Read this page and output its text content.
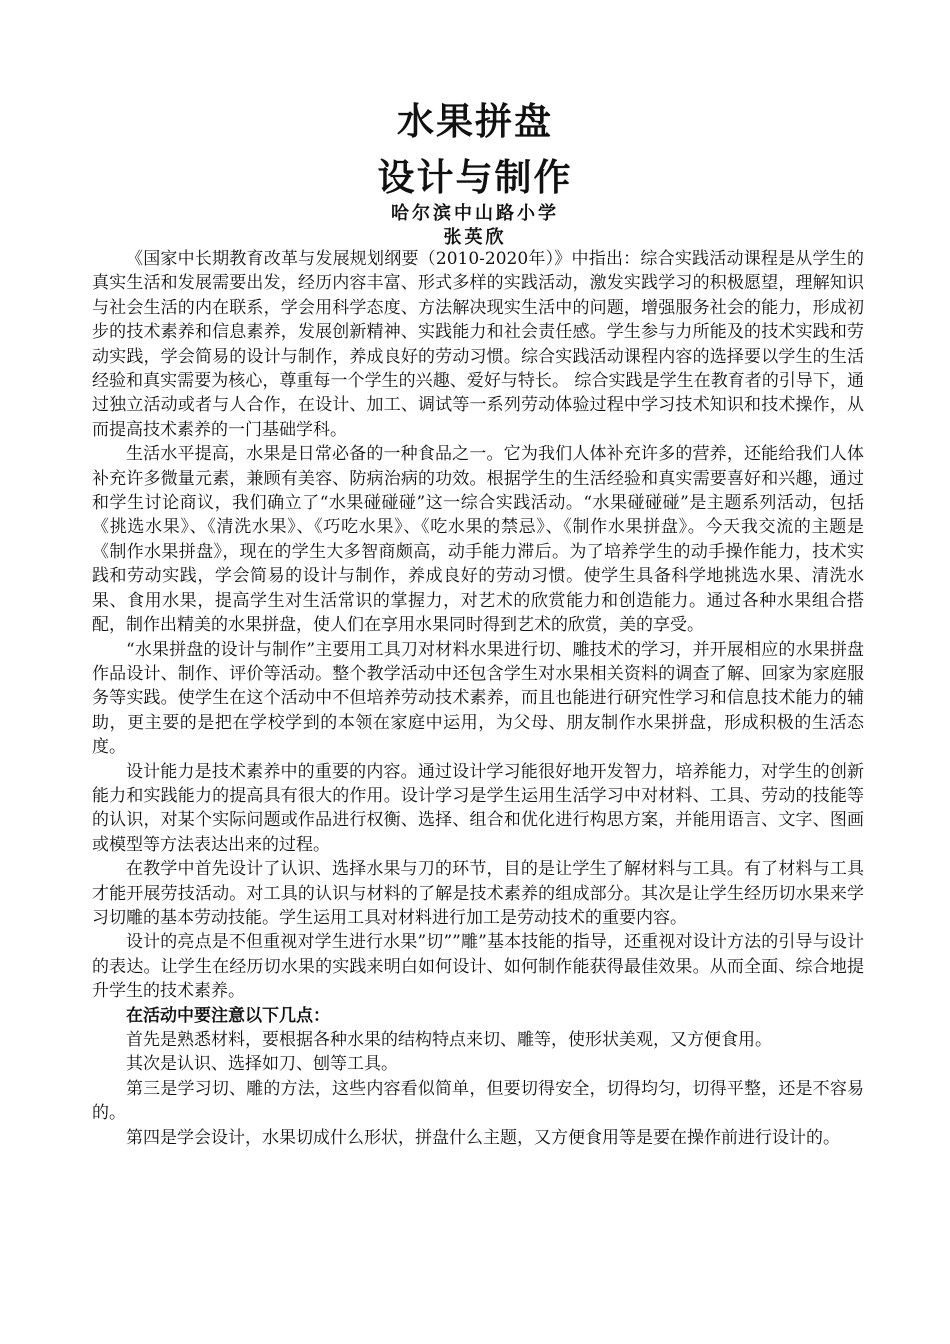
水果拼盘
设计与制作
哈尔滨中山路小学
张英欣

《国家中长期教育改革与发展规划纲要（2010-2020年）》中指出：综合实践活动课程是从学生的真实生活和发展需要出发，经历内容丰富、形式多样的实践活动，激发实践学习的积极愿望，理解知识与社会生活的内在联系，学会用科学态度、方法解决现实生活中的问题，增强服务社会的能力，形成初步的技术素养和信息素养，发展创新精神、实践能力和社会责任感。学生参与力所能及的技术实践和劳动实践，学会简易的设计与制作，养成良好的劳动习惯。综合实践活动课程内容的选择要以学生的生活经验和真实需要为核心，尊重每一个学生的兴趣、爱好与特长。 综合实践是学生在教育者的引导下，通过独立活动或者与人合作，在设计、加工、调试等一系列劳动体验过程中学习技术知识和技术操作，从而提高技术素养的一门基础学科。

生活水平提高，水果是日常必备的一种食品之一。它为我们人体补充许多的营养，还能给我们人体补充许多微量元素，兼顾有美容、防病治病的功效。根据学生的生活经验和真实需要喜好和兴趣，通过和学生讨论商议，我们确立了“水果碰碰碰”这一综合实践活动。“水果碰碰碰”是主题系列活动，包括《挑选水果》、《清洗水果》、《巧吃水果》、《吃水果的禁忌》、《制作水果拼盘》。今天我交流的主题是《制作水果拼盘》，现在的学生大多智商颇高，动手能力滞后。为了培养学生的动手操作能力，技术实践和劳动实践，学会简易的设计与制作，养成良好的劳动习惯。使学生具备科学地挑选水果、清洗水果、食用水果，提高学生对生活常识的掌握力，对艺术的欣赏能力和创造能力。通过各种水果组合搭配，制作出精美的水果拼盘，使人们在享用水果同时得到艺术的欣赏，美的享受。

“水果拼盘的设计与制作”主要用工具刀对材料水果进行切、雕技术的学习，并开展相应的水果拼盘作品设计、制作、评价等活动。整个教学活动中还包含学生对水果相关资料的调查了解、回家为家庭服务等实践。使学生在这个活动中不但培养劳动技术素养，而且也能进行研究性学习和信息技术能力的辅助，更主要的是把在学校学到的本领在家庭中运用，为父母、朋友制作水果拼盘，形成积极的生活态度。

设计能力是技术素养中的重要的内容。通过设计学习能很好地开发智力，培养能力，对学生的创新能力和实践能力的提高具有很大的作用。设计学习是学生运用生活学习中对材料、工具、劳动的技能等的认识，对某个实际问题或作品进行权衡、选择、组合和优化进行构思方案，并能用语言、文字、图画或模型等方法表达出来的过程。

在教学中首先设计了认识、选择水果与刀的环节，目的是让学生了解材料与工具。有了材料与工具才能开展劳技活动。对工具的认识与材料的了解是技术素养的组成部分。其次是让学生经历切水果来学习切雕的基本劳动技能。学生运用工具对材料进行加工是劳动技术的重要内容。

设计的亮点是不但重视对学生进行水果”切””雕”基本技能的指导，还重视对设计方法的引导与设计的表达。让学生在经历切水果的实践来明白如何设计、如何制作能获得最佳效果。从而全面、综合地提升学生的技术素养。

在活动中要注意以下几点：

首先是熟悉材料，要根据各种水果的结构特点来切、雕等，使形状美观，又方便食用。

其次是认识、选择如刀、刨等工具。

第三是学习切、雕的方法，这些内容看似简单，但要切得安全，切得均匀，切得平整，还是不容易的。

第四是学会设计，水果切成什么形状，拼盘什么主题，又方便食用等是要在操作前进行设计的。
